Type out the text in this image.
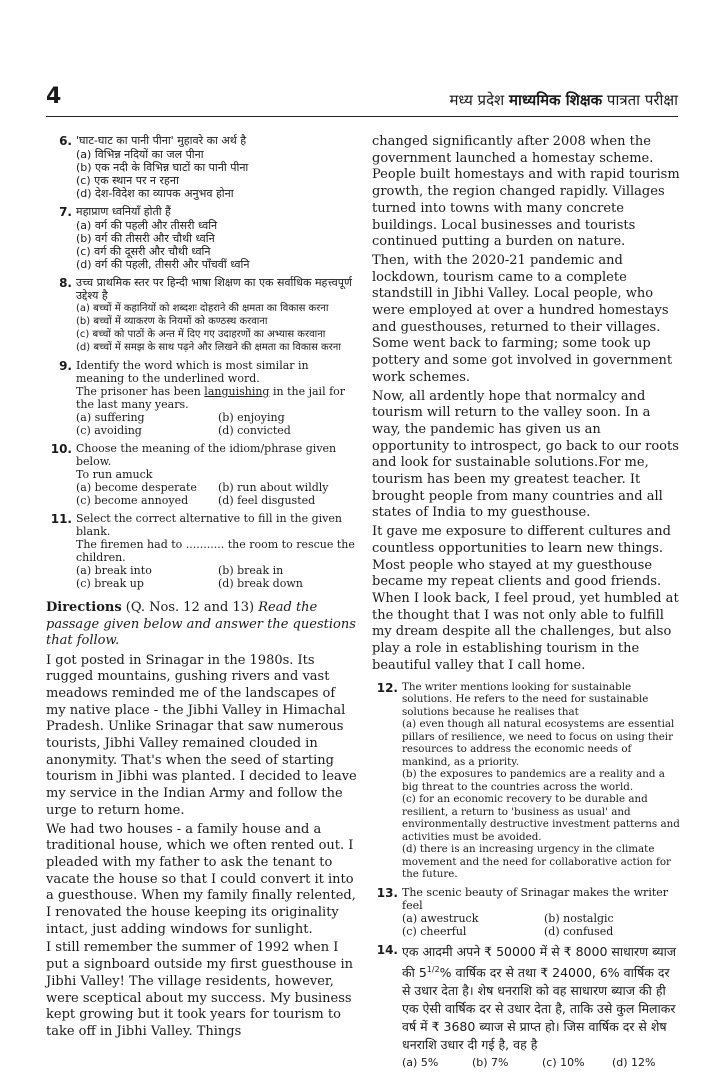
4	मध्य प्रदेश माध्यमिक शिक्षक पात्रता परीक्षा
6. 'घाट-घाट का पानी पीना' मुहावरे का अर्थ है
(a) विभिन्न नदियों का जल पीना
(b) एक नदी के विभिन्न घाटों का पानी पीना
(c) एक स्थान पर न रहना
(d) देश-विदेश का व्यापक अनुभव होना
7. महाप्राण ध्वनियाँ होती हैं
(a) वर्ग की पहली और तीसरी ध्वनि
(b) वर्ग की तीसरी और चौथी ध्वनि
(c) वर्ग की दूसरी और चौथी ध्वनि
(d) वर्ग की पहली, तीसरी और पाँचवीं ध्वनि
8. उच्च प्राथमिक स्तर पर हिन्दी भाषा शिक्षण का एक सर्वाधिक महत्त्वपूर्ण उद्देश्य है
(a) बच्चों में कहानियों को शब्दशः दोहराने की क्षमता का विकास करना
(b) बच्चों में व्याकरण के नियमों को कण्ठस्थ करवाना
(c) बच्चों को पाठों के अन्त में दिए गए उदाहरणों का अभ्यास करवाना
(d) बच्चों में समझ के साथ पढ़ने और लिखने की क्षमता का विकास करना
9. Identify the word which is most similar in meaning to the underlined word.
The prisoner has been languishing in the jail for the last many years.
(a) suffering	(b) enjoying
(c) avoiding	(d) convicted
10. Choose the meaning of the idiom/phrase given below.
To run amuck
(a) become desperate	(b) run about wildly
(c) become annoyed	(d) feel disgusted
11. Select the correct alternative to fill in the given blank.
The firemen had to ........... the room to rescue the children.
(a) break into	(b) break in
(c) break up	(d) break down
Directions (Q. Nos. 12 and 13) Read the passage given below and answer the questions that follow.

I got posted in Srinagar in the 1980s. Its rugged mountains, gushing rivers and vast meadows reminded me of the landscapes of my native place - the Jibhi Valley in Himachal Pradesh. Unlike Srinagar that saw numerous tourists, Jibhi Valley remained clouded in anonymity. That's when the seed of starting tourism in Jibhi was planted. I decided to leave my service in the Indian Army and follow the urge to return home.

We had two houses - a family house and a traditional house, which we often rented out. I pleaded with my father to ask the tenant to vacate the house so that I could convert it into a guesthouse. When my family finally relented, I renovated the house keeping its originality intact, just adding windows for sunlight.

I still remember the summer of 1992 when I put a signboard outside my first guesthouse in Jibhi Valley! The village residents, however, were sceptical about my success. My business kept growing but it took years for tourism to take off in Jibhi Valley. Things

changed significantly after 2008 when the government launched a homestay scheme. People built homestays and with rapid tourism growth, the region changed rapidly. Villages turned into towns with many concrete buildings. Local businesses and tourists continued putting a burden on nature.

Then, with the 2020-21 pandemic and lockdown, tourism came to a complete standstill in Jibhi Valley. Local people, who were employed at over a hundred homestays and guesthouses, returned to their villages. Some went back to farming; some took up pottery and some got involved in government work schemes.

Now, all ardently hope that normalcy and tourism will return to the valley soon. In a way, the pandemic has given us an opportunity to introspect, go back to our roots and look for sustainable solutions.For me, tourism has been my greatest teacher. It brought people from many countries and all states of India to my guesthouse.

It gave me exposure to different cultures and countless opportunities to learn new things. Most people who stayed at my guesthouse became my repeat clients and good friends. When I look back, I feel proud, yet humbled at the thought that I was not only able to fulfill my dream despite all the challenges, but also play a role in establishing tourism in the beautiful valley that I call home.

12. The writer mentions looking for sustainable solutions. He refers to the need for sustainable solutions because he realises that
(a) even though all natural ecosystems are essential pillars of resilience, we need to focus on using their resources to address the economic needs of mankind, as a priority.
(b) the exposures to pandemics are a reality and a big threat to the countries across the world.
(c) for an economic recovery to be durable and resilient, a return to 'business as usual' and environmentally destructive investment patterns and activities must be avoided.
(d) there is an increasing urgency in the climate movement and the need for collaborative action for the future.
13. The scenic beauty of Srinagar makes the writer feel
(a) awestruck	(b) nostalgic
(c) cheerful	(d) confused
14. एक आदमी अपने ₹ 50000 में से ₹ 8000 साधारण ब्याज की $5^{1/2}\%$ वार्षिक दर से तथा ₹ 24000, 6% वार्षिक दर से उधार देता है। शेष धनराशि को वह साधारण ब्याज की ही एक ऐसी वार्षिक दर से उधार देता है, ताकि उसे कुल मिलाकर वर्ष में ₹ 3680 ब्याज से प्राप्त हो। जिस वार्षिक दर से शेष धनराशि उधार दी गई है, वह है
(a) 5%	(b) 7%	(c) 10%	(d) 12%
